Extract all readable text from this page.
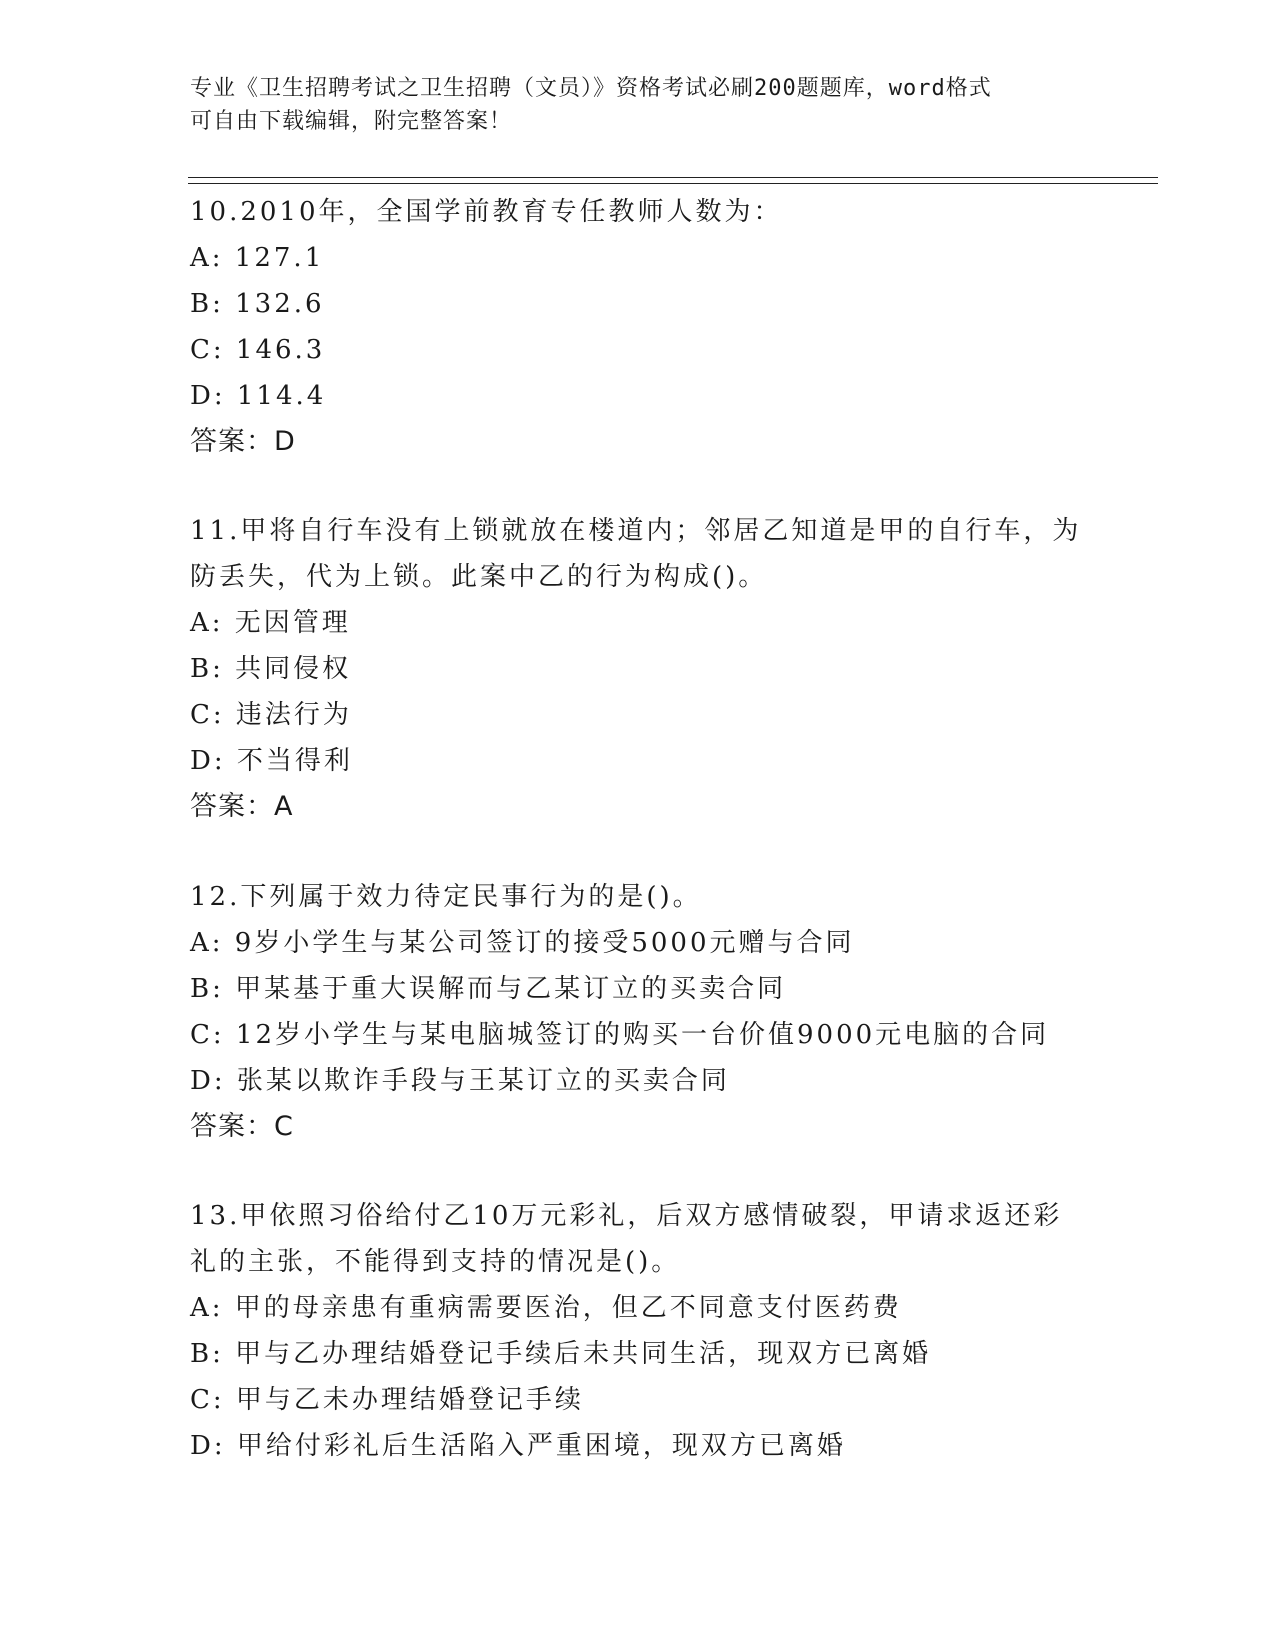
专业《卫生招聘考试之卫生招聘（文员）》资格考试必刷200题题库，word格式
可自由下载编辑，附完整答案！
10.2010年，全国学前教育专任教师人数为：
A: 127.1
B: 132.6
C: 146.3
D: 114.4
答案：D
11.甲将自行车没有上锁就放在楼道内；邻居乙知道是甲的自行车，为
防丢失，代为上锁。此案中乙的行为构成()。
A: 无因管理
B: 共同侵权
C: 违法行为
D: 不当得利
答案：A
12.下列属于效力待定民事行为的是()。
A: 9岁小学生与某公司签订的接受5000元赠与合同
B: 甲某基于重大误解而与乙某订立的买卖合同
C: 12岁小学生与某电脑城签订的购买一台价值9000元电脑的合同
D: 张某以欺诈手段与王某订立的买卖合同
答案：C
13.甲依照习俗给付乙10万元彩礼，后双方感情破裂，甲请求返还彩
礼的主张，不能得到支持的情况是()。
A: 甲的母亲患有重病需要医治，但乙不同意支付医药费
B: 甲与乙办理结婚登记手续后未共同生活，现双方已离婚
C: 甲与乙未办理结婚登记手续
D: 甲给付彩礼后生活陷入严重困境，现双方已离婚
